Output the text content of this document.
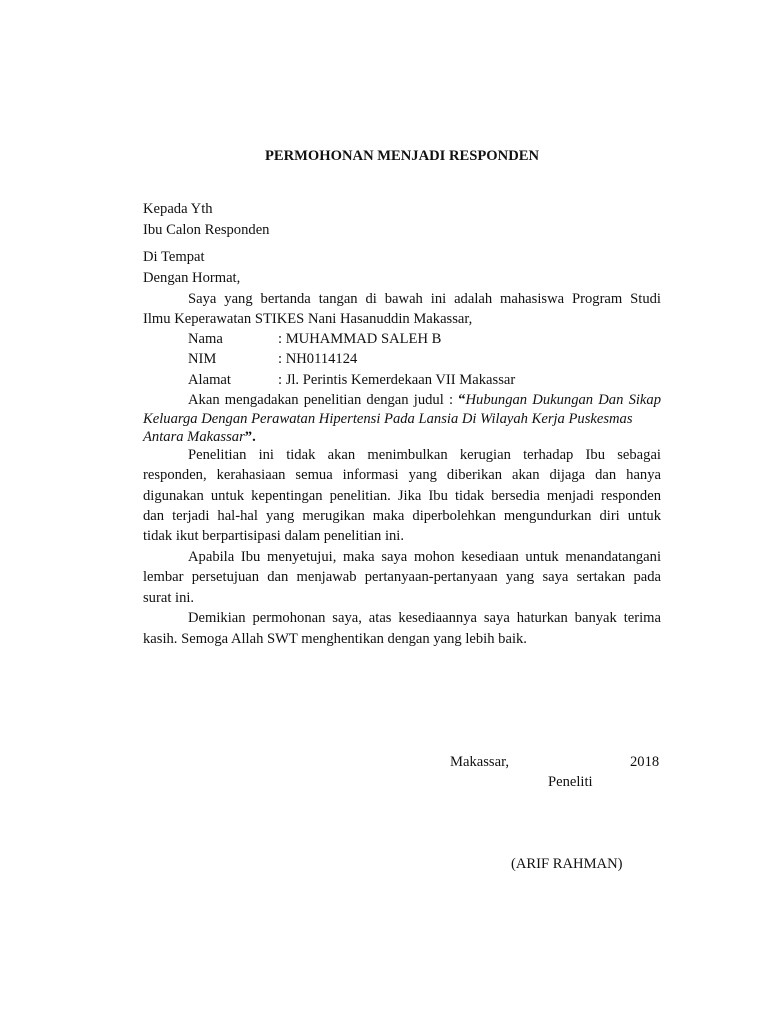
PERMOHONAN MENJADI RESPONDEN
Kepada Yth
Ibu Calon Responden
Di Tempat
Dengan Hormat,
Saya yang bertanda tangan di bawah ini adalah mahasiswa Program Studi
Ilmu Keperawatan STIKES Nani Hasanuddin Makassar,
Nama	: MUHAMMAD SALEH B
NIM	: NH0114124
Alamat	: Jl. Perintis Kemerdekaan VII Makassar
Akan mengadakan penelitian dengan judul : “Hubungan Dukungan Dan Sikap
Keluarga Dengan Perawatan Hipertensi Pada Lansia Di Wilayah Kerja Puskesmas
Antara Makassar”.
Penelitian ini tidak akan menimbulkan kerugian terhadap Ibu sebagai
responden, kerahasiaan semua informasi yang diberikan akan dijaga dan hanya
digunakan untuk kepentingan penelitian. Jika Ibu tidak bersedia menjadi responden
dan terjadi hal-hal yang merugikan maka diperbolehkan mengundurkan diri untuk
tidak ikut berpartisipasi dalam penelitian ini.
Apabila Ibu menyetujui, maka saya mohon kesediaan untuk menandatangani
lembar persetujuan dan menjawab pertanyaan-pertanyaan yang saya sertakan pada
surat ini.
Demikian permohonan saya, atas kesediaannya saya haturkan banyak terima
kasih. Semoga Allah SWT menghentikan dengan yang lebih baik.
Makassar,	2018
Peneliti
(ARIF RAHMAN)
